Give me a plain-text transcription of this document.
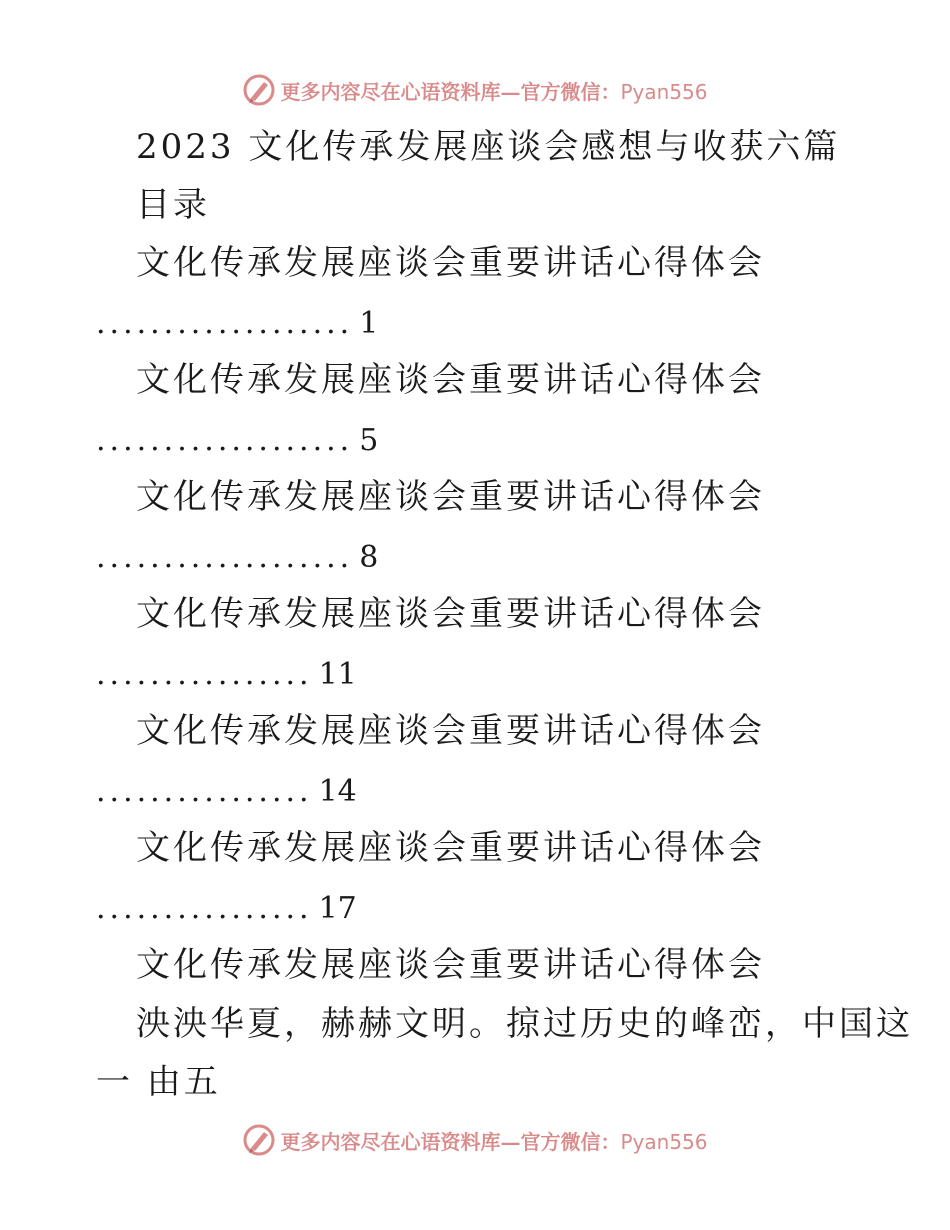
更多内容尽在心语资料库—官方微信：Pyan556
2023 文化传承发展座谈会感想与收获六篇
目录
文化传承发展座谈会重要讲话心得体会
................... 1
文化传承发展座谈会重要讲话心得体会
................... 5
文化传承发展座谈会重要讲话心得体会
................... 8
文化传承发展座谈会重要讲话心得体会
................ 11
文化传承发展座谈会重要讲话心得体会
................ 14
文化传承发展座谈会重要讲话心得体会
................ 17
文化传承发展座谈会重要讲话心得体会
泱泱华夏，赫赫文明。掠过历史的峰峦，中国这
一 由五
更多内容尽在心语资料库—官方微信：Pyan556
